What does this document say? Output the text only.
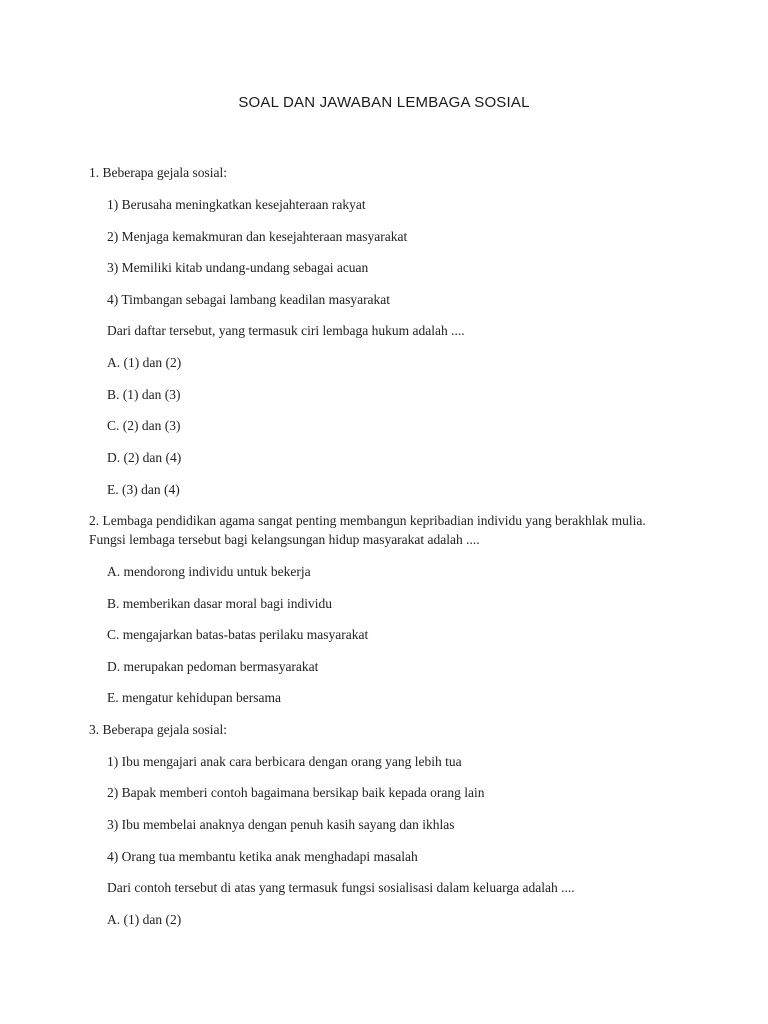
SOAL DAN JAWABAN LEMBAGA SOSIAL
1. Beberapa gejala sosial:
1) Berusaha meningkatkan kesejahteraan rakyat
2) Menjaga kemakmuran dan kesejahteraan masyarakat
3) Memiliki kitab undang-undang sebagai acuan
4) Timbangan sebagai lambang keadilan masyarakat
Dari daftar tersebut, yang termasuk ciri lembaga hukum adalah ....
A. (1) dan (2)
B. (1) dan (3)
C. (2) dan (3)
D. (2) dan (4)
E. (3) dan (4)
2. Lembaga pendidikan agama sangat penting membangun kepribadian individu yang berakhlak mulia.
Fungsi lembaga tersebut bagi kelangsungan hidup masyarakat adalah ....
A. mendorong individu untuk bekerja
B. memberikan dasar moral bagi individu
C. mengajarkan batas-batas perilaku masyarakat
D. merupakan pedoman bermasyarakat
E. mengatur kehidupan bersama
3. Beberapa gejala sosial:
1) Ibu mengajari anak cara berbicara dengan orang yang lebih tua
2) Bapak memberi contoh bagaimana bersikap baik kepada orang lain
3) Ibu membelai anaknya dengan penuh kasih sayang dan ikhlas
4) Orang tua membantu ketika anak menghadapi masalah
Dari contoh tersebut di atas yang termasuk fungsi sosialisasi dalam keluarga adalah ....
A. (1) dan (2)
